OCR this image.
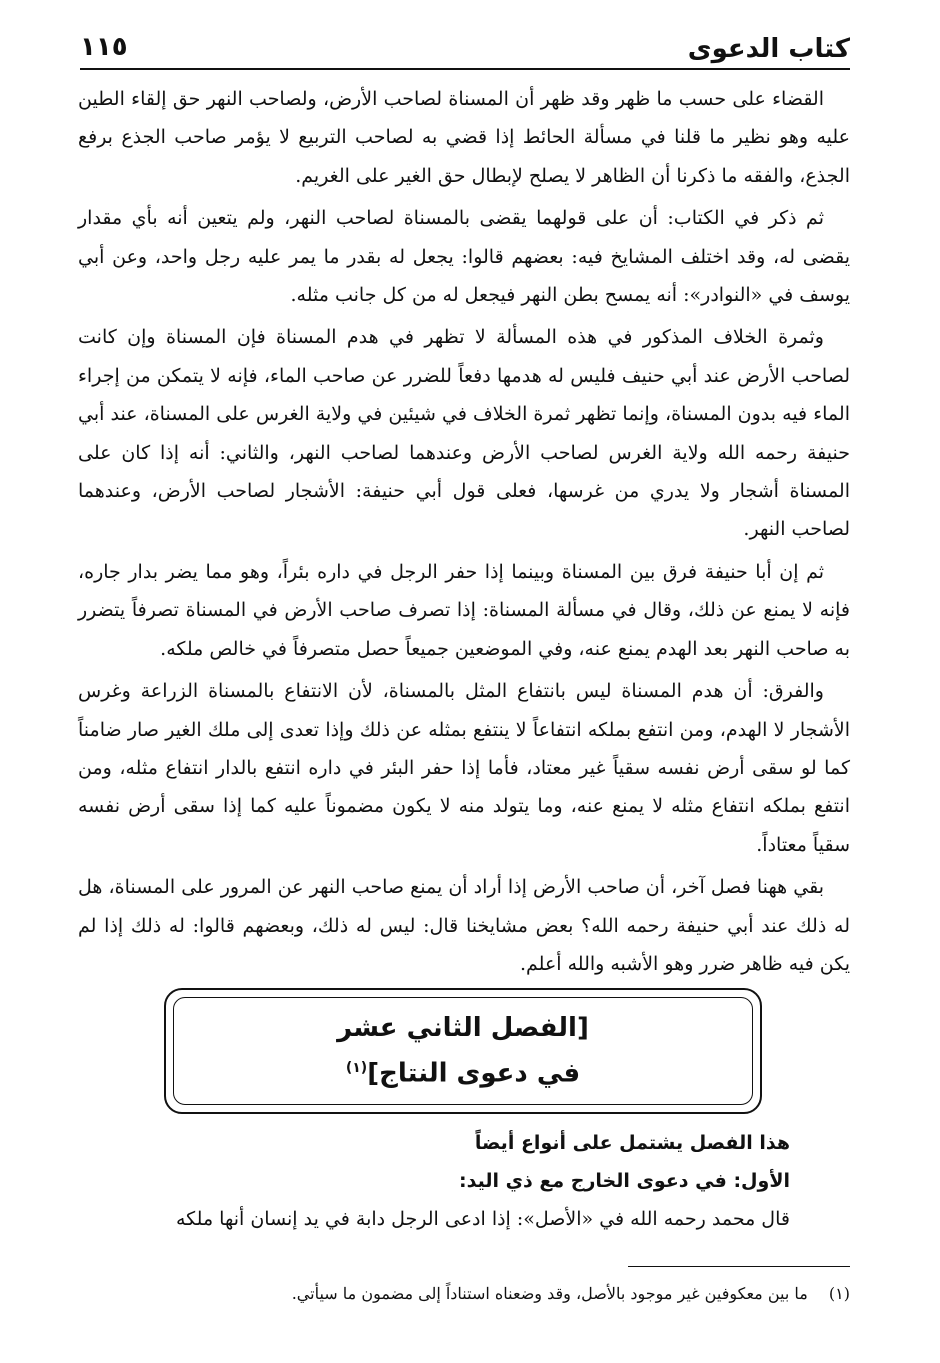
كتاب الدعوى
١١٥

القضاء على حسب ما ظهر وقد ظهر أن المسناة لصاحب الأرض، ولصاحب النهر حق إلقاء الطين عليه وهو نظير ما قلنا في مسألة الحائط إذا قضي به لصاحب التربيع لا يؤمر صاحب الجذع برفع الجذع، والفقه ما ذكرنا أن الظاهر لا يصلح لإبطال حق الغير على الغريم.

ثم ذكر في الكتاب: أن على قولهما يقضى بالمسناة لصاحب النهر، ولم يتعين أنه بأي مقدار يقضى له، وقد اختلف المشايخ فيه: بعضهم قالوا: يجعل له بقدر ما يمر عليه رجل واحد، وعن أبي يوسف في «النوادر»: أنه يمسح بطن النهر فيجعل له من كل جانب مثله.

وثمرة الخلاف المذكور في هذه المسألة لا تظهر في هدم المسناة فإن المسناة وإن كانت لصاحب الأرض عند أبي حنيف فليس له هدمها دفعاً للضرر عن صاحب الماء، فإنه لا يتمكن من إجراء الماء فيه بدون المسناة، وإنما تظهر ثمرة الخلاف في شيئين في ولاية الغرس على المسناة، عند أبي حنيفة رحمه الله ولاية الغرس لصاحب الأرض وعندهما لصاحب النهر، والثاني: أنه إذا كان على المسناة أشجار ولا يدري من غرسها، فعلى قول أبي حنيفة: الأشجار لصاحب الأرض، وعندهما لصاحب النهر.

ثم إن أبا حنيفة فرق بين المسناة وبينما إذا حفر الرجل في داره بئراً، وهو مما يضر بدار جاره، فإنه لا يمنع عن ذلك، وقال في مسألة المسناة: إذا تصرف صاحب الأرض في المسناة تصرفاً يتضرر به صاحب النهر بعد الهدم يمنع عنه، وفي الموضعين جميعاً حصل متصرفاً في خالص ملكه.

والفرق: أن هدم المسناة ليس بانتفاع المثل بالمسناة، لأن الانتفاع بالمسناة الزراعة وغرس الأشجار لا الهدم، ومن انتفع بملكه انتفاعاً لا ينتفع بمثله عن ذلك وإذا تعدى إلى ملك الغير صار ضامناً كما لو سقى أرض نفسه سقياً غير معتاد، فأما إذا حفر البئر في داره انتفع بالدار انتفاع مثله، ومن انتفع بملكه انتفاع مثله لا يمنع عنه، وما يتولد منه لا يكون مضموناً عليه كما إذا سقى أرض نفسه سقياً معتاداً.

بقي ههنا فصل آخر، أن صاحب الأرض إذا أراد أن يمنع صاحب النهر عن المرور على المسناة، هل له ذلك عند أبي حنيفة رحمه الله؟ بعض مشايخنا قال: ليس له ذلك، وبعضهم قالوا: له ذلك إذا لم يكن فيه ظاهر ضرر وهو الأشبه والله أعلم.

[الفصل الثاني عشر
في دعوى النتاج]$^{(١)}$
هذا الفصل يشتمل على أنواع أيضاً
الأول: في دعوى الخارج مع ذي اليد:
قال محمد رحمه الله في «الأصل»: إذا ادعى الرجل دابة في يد إنسان أنها ملكه
(١) ما بين معكوفين غير موجود بالأصل، وقد وضعناه استناداً إلى مضمون ما سيأتي.
